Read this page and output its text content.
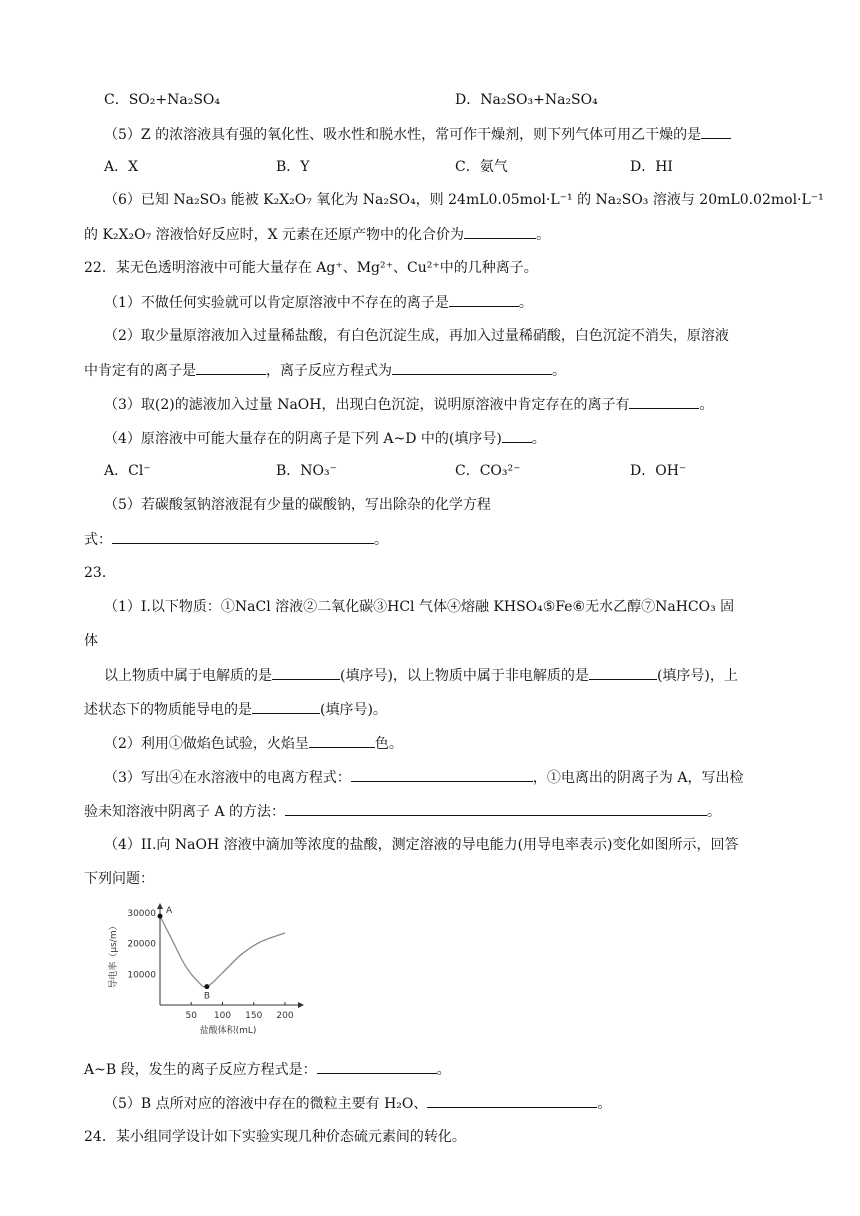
C．SO₂+Na₂SO₄	D．Na₂SO₃+Na₂SO₄
（5）Z 的浓溶液具有强的氧化性、吸水性和脱水性，常可作干燥剂，则下列气体可用乙干燥的是
A．X	B．Y	C．氨气	D．HI
（6）已知 Na₂SO₃ 能被 K₂X₂O₇ 氧化为 Na₂SO₄，则 24mL0.05mol·L⁻¹ 的 Na₂SO₃ 溶液与 20mL0.02mol·L⁻¹
的 K₂X₂O₇ 溶液恰好反应时，X 元素在还原产物中的化合价为	。
22．某无色透明溶液中可能大量存在 Ag⁺、Mg²⁺、Cu²⁺中的几种离子。
（1）不做任何实验就可以肯定原溶液中不存在的离子是	。
（2）取少量原溶液加入过量稀盐酸，有白色沉淀生成，再加入过量稀硝酸，白色沉淀不消失，原溶液
中肯定有的离子是	，离子反应方程式为	。
（3）取(2)的滤液加入过量 NaOH，出现白色沉淀，说明原溶液中肯定存在的离子有	。
（4）原溶液中可能大量存在的阴离子是下列 A~D 中的(填序号) 。
A．Cl⁻	B．NO₃⁻	C．CO₃²⁻	D．OH⁻
（5）若碳酸氢钠溶液混有少量的碳酸钠，写出除杂的化学方程
式：	。
23．
（1）I.以下物质：①NaCl 溶液②二氧化碳③HCl 气体④熔融 KHSO₄⑤Fe⑥无水乙醇⑦NaHCO₃ 固
体
以上物质中属于电解质的是	(填序号)，以上物质中属于非电解质的是	(填序号)，上
述状态下的物质能导电的是	(填序号)。
（2）利用①做焰色试验，火焰呈	色。
（3）写出④在水溶液中的电离方程式：	，①电离出的阴离子为 A，写出检
验未知溶液中阴离子 A 的方法：	。
（4）II.向 NaOH 溶液中滴加等浓度的盐酸，测定溶液的导电能力(用导电率表示)变化如图所示，回答
下列问题：
导电率（μs/m）
盐酸体积(mL)
30000
20000
10000
50 100 150 200
A
B
A~B 段，发生的离子反应方程式是：	。
（5）B 点所对应的溶液中存在的微粒主要有 H₂O、	。
24．某小组同学设计如下实验实现几种价态硫元素间的转化。
